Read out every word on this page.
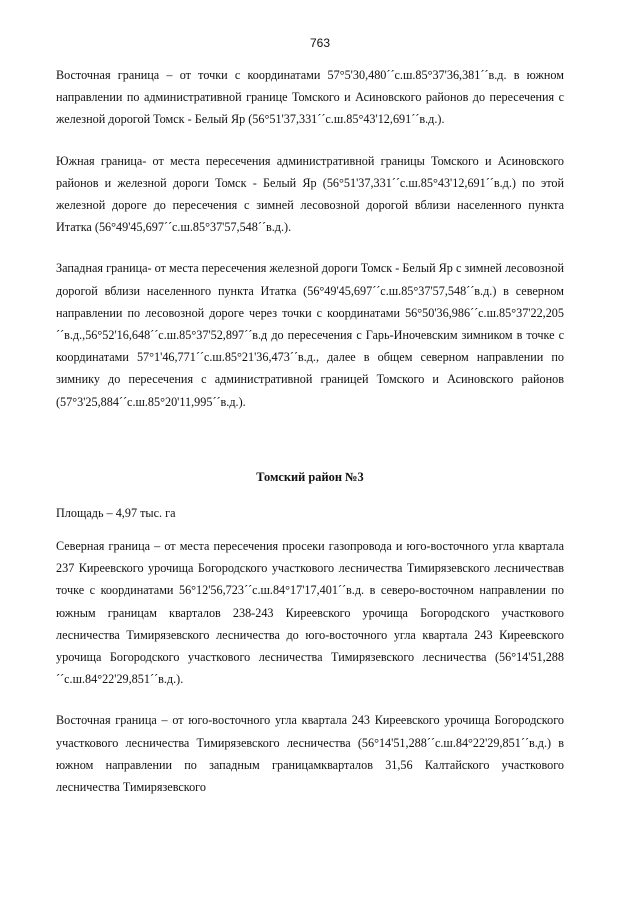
763

Восточная граница – от точки с координатами 57°5'30,480´´с.ш.85°37'36,381´´в.д. в южном направлении по административной границе Томского и Асиновского районов до пересечения с железной дорогой Томск - Белый Яр (56°51'37,331´´с.ш.85°43'12,691´´в.д.).

Южная граница- от места пересечения административной границы Томского и Асиновского районов и железной дороги Томск - Белый Яр (56°51'37,331´´с.ш.85°43'12,691´´в.д.) по этой железной дороге до пересечения с зимней лесовозной дорогой вблизи населенного пункта Итатка (56°49'45,697´´с.ш.85°37'57,548´´в.д.).

Западная граница- от места пересечения железной дороги Томск - Белый Яр с зимней лесовозной дорогой вблизи населенного пункта Итатка (56°49'45,697´´с.ш.85°37'57,548´´в.д.) в северном направлении по лесовозной дороге через точки с координатами 56°50'36,986´´с.ш.85°37'22,205´´в.д.,56°52'16,648´´с.ш.85°37'52,897´´в.д до пересечения с Гарь-Иночевским зимником в точке с координатами 57°1'46,771´´с.ш.85°21'36,473´´в.д., далее в общем северном направлении по зимнику до пересечения с административной границей Томского и Асиновского районов (57°3'25,884´´с.ш.85°20'11,995´´в.д.).

Томский район №3

Площадь – 4,97 тыс. га

Северная граница – от места пересечения просеки газопровода и юго-восточного угла квартала 237 Киреевского урочища Богородского участкового лесничества Тимирязевского лесничествав точке с координатами 56°12'56,723´´с.ш.84°17'17,401´´в.д. в северо-восточном направлении по южным границам кварталов 238-243 Киреевского урочища Богородского участкового лесничества Тимирязевского лесничества до юго-восточного угла квартала 243 Киреевского урочища Богородского участкового лесничества Тимирязевского лесничества (56°14'51,288´´с.ш.84°22'29,851´´в.д.).

Восточная граница – от юго-восточного угла квартала 243 Киреевского урочища Богородского участкового лесничества Тимирязевского лесничества (56°14'51,288´´с.ш.84°22'29,851´´в.д.) в южном направлении по западным границамкварталов 31,56 Калтайского участкового лесничества Тимирязевского
